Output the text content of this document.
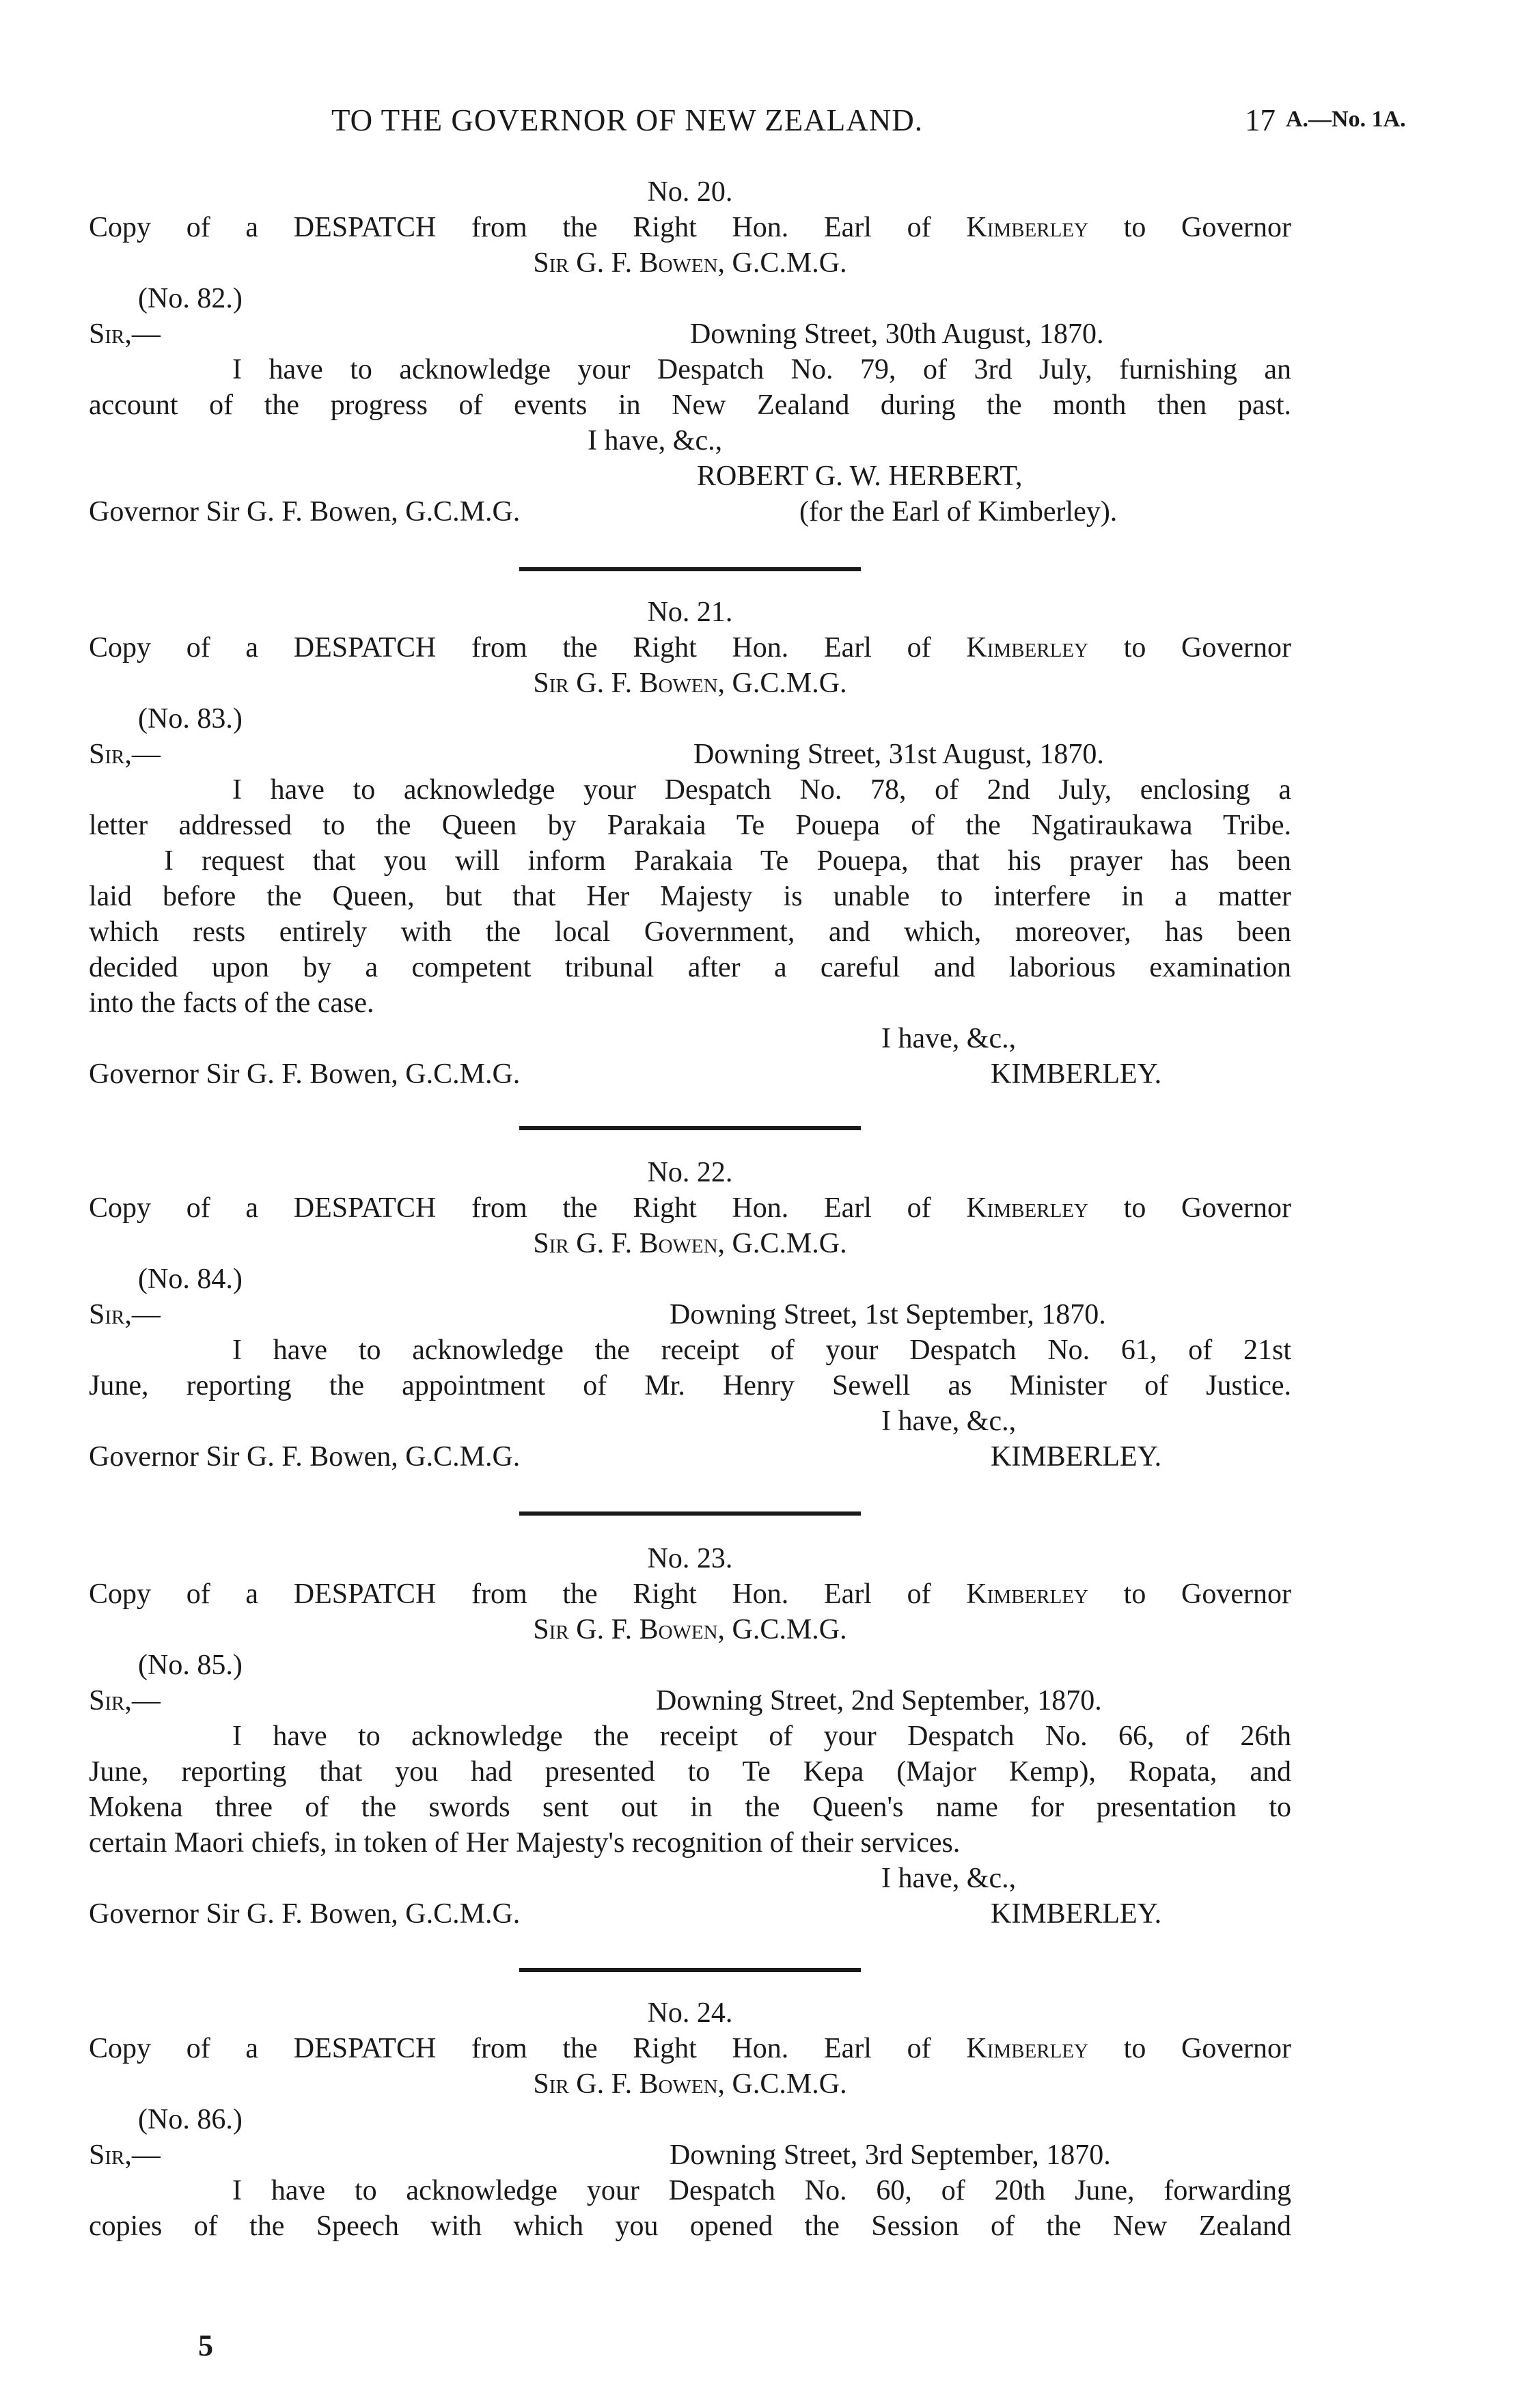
TO THE GOVERNOR OF NEW ZEALAND.	17 A.—No. 1A.
No. 20.
Copy of a DESPATCH from the Right Hon. Earl of Kimberley to Governor
Sir G. F. Bowen, G.C.M.G.
(No. 82.)
Sir,—	Downing Street, 30th August, 1870.
I have to acknowledge your Despatch No. 79, of 3rd July, furnishing an
account of the progress of events in New Zealand during the month then past.
I have, &c.,
ROBERT G. W. HERBERT,
Governor Sir G. F. Bowen, G.C.M.G.	(for the Earl of Kimberley).
No. 21.
Copy of a DESPATCH from the Right Hon. Earl of Kimberley to Governor
Sir G. F. Bowen, G.C.M.G.
(No. 83.)
Sir,—	Downing Street, 31st August, 1870.
I have to acknowledge your Despatch No. 78, of 2nd July, enclosing a
letter addressed to the Queen by Parakaia Te Pouepa of the Ngatiraukawa Tribe.
I request that you will inform Parakaia Te Pouepa, that his prayer has been
laid before the Queen, but that Her Majesty is unable to interfere in a matter
which rests entirely with the local Government, and which, moreover, has been
decided upon by a competent tribunal after a careful and laborious examination
into the facts of the case.
I have, &c.,
Governor Sir G. F. Bowen, G.C.M.G.	KIMBERLEY.
No. 22.
Copy of a DESPATCH from the Right Hon. Earl of Kimberley to Governor
Sir G. F. Bowen, G.C.M.G.
(No. 84.)
Sir,—	Downing Street, 1st September, 1870.
I have to acknowledge the receipt of your Despatch No. 61, of 21st
June, reporting the appointment of Mr. Henry Sewell as Minister of Justice.
I have, &c.,
Governor Sir G. F. Bowen, G.C.M.G.	KIMBERLEY.
No. 23.
Copy of a DESPATCH from the Right Hon. Earl of Kimberley to Governor
Sir G. F. Bowen, G.C.M.G.
(No. 85.)
Sir,—	Downing Street, 2nd September, 1870.
I have to acknowledge the receipt of your Despatch No. 66, of 26th
June, reporting that you had presented to Te Kepa (Major Kemp), Ropata, and
Mokena three of the swords sent out in the Queen's name for presentation to
certain Maori chiefs, in token of Her Majesty's recognition of their services.
I have, &c.,
Governor Sir G. F. Bowen, G.C.M.G.	KIMBERLEY.
No. 24.
Copy of a DESPATCH from the Right Hon. Earl of Kimberley to Governor
Sir G. F. Bowen, G.C.M.G.
(No. 86.)
Sir,—	Downing Street, 3rd September, 1870.
I have to acknowledge your Despatch No. 60, of 20th June, forwarding
copies of the Speech with which you opened the Session of the New Zealand
5
